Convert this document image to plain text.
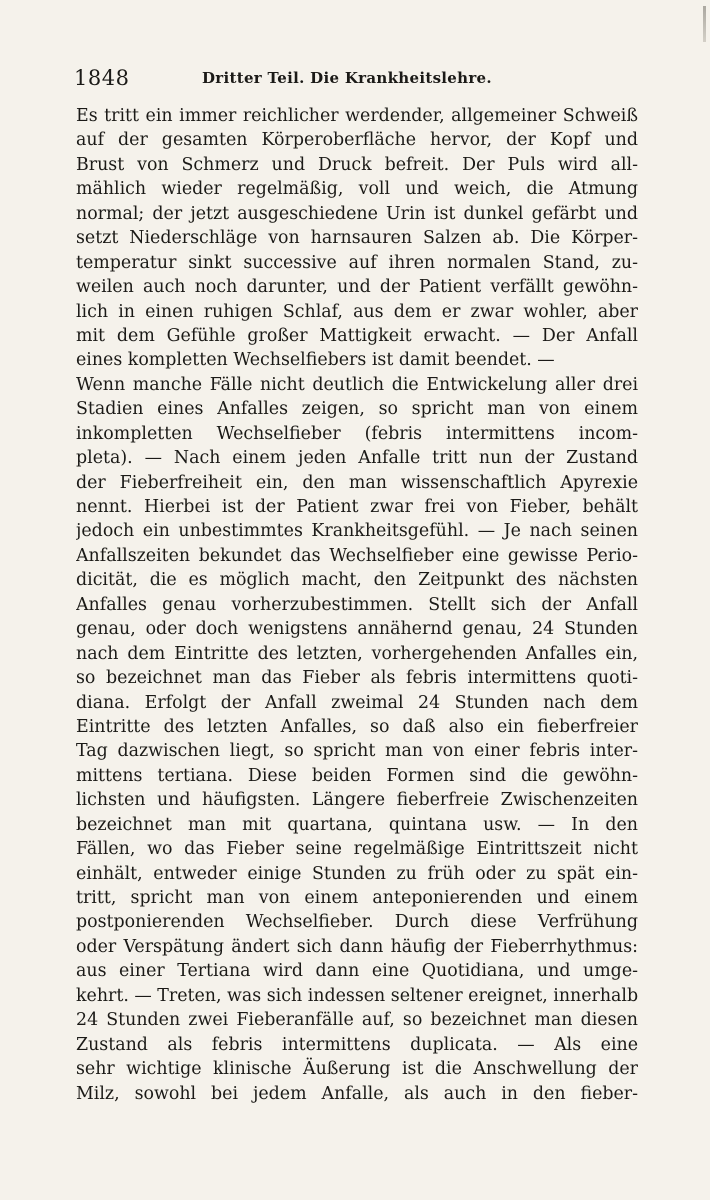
1848	Dritter Teil. Die Krankheitslehre.
Es tritt ein immer reichlicher werdender, allgemeiner Schweiß
auf der gesamten Körperoberfläche hervor, der Kopf und
Brust von Schmerz und Druck befreit. Der Puls wird all-
mählich wieder regelmäßig, voll und weich, die Atmung
normal; der jetzt ausgeschiedene Urin ist dunkel gefärbt und
setzt Niederschläge von harnsauren Salzen ab. Die Körper-
temperatur sinkt successive auf ihren normalen Stand, zu-
weilen auch noch darunter, und der Patient verfällt gewöhn-
lich in einen ruhigen Schlaf, aus dem er zwar wohler, aber
mit dem Gefühle großer Mattigkeit erwacht. — Der Anfall
eines kompletten Wechselfiebers ist damit beendet. —
Wenn manche Fälle nicht deutlich die Entwickelung aller drei
Stadien eines Anfalles zeigen, so spricht man von einem
inkompletten Wechselfieber (febris intermittens incom-
pleta). — Nach einem jeden Anfalle tritt nun der Zustand
der Fieberfreiheit ein, den man wissenschaftlich Apyrexie
nennt. Hierbei ist der Patient zwar frei von Fieber, behält
jedoch ein unbestimmtes Krankheitsgefühl. — Je nach seinen
Anfallszeiten bekundet das Wechselfieber eine gewisse Perio-
dicität, die es möglich macht, den Zeitpunkt des nächsten
Anfalles genau vorherzubestimmen. Stellt sich der Anfall
genau, oder doch wenigstens annähernd genau, 24 Stunden
nach dem Eintritte des letzten, vorhergehenden Anfalles ein,
so bezeichnet man das Fieber als febris intermittens quoti-
diana. Erfolgt der Anfall zweimal 24 Stunden nach dem
Eintritte des letzten Anfalles, so daß also ein fieberfreier
Tag dazwischen liegt, so spricht man von einer febris inter-
mittens tertiana. Diese beiden Formen sind die gewöhn-
lichsten und häufigsten. Längere fieberfreie Zwischenzeiten
bezeichnet man mit quartana, quintana usw. — In den
Fällen, wo das Fieber seine regelmäßige Eintrittszeit nicht
einhält, entweder einige Stunden zu früh oder zu spät ein-
tritt, spricht man von einem anteponierenden und einem
postponierenden Wechselfieber. Durch diese Verfrühung
oder Verspätung ändert sich dann häufig der Fieberrhythmus:
aus einer Tertiana wird dann eine Quotidiana, und umge-
kehrt. — Treten, was sich indessen seltener ereignet, innerhalb
24 Stunden zwei Fieberanfälle auf, so bezeichnet man diesen
Zustand als febris intermittens duplicata. — Als eine
sehr wichtige klinische Äußerung ist die Anschwellung der
Milz, sowohl bei jedem Anfalle, als auch in den fieber-
